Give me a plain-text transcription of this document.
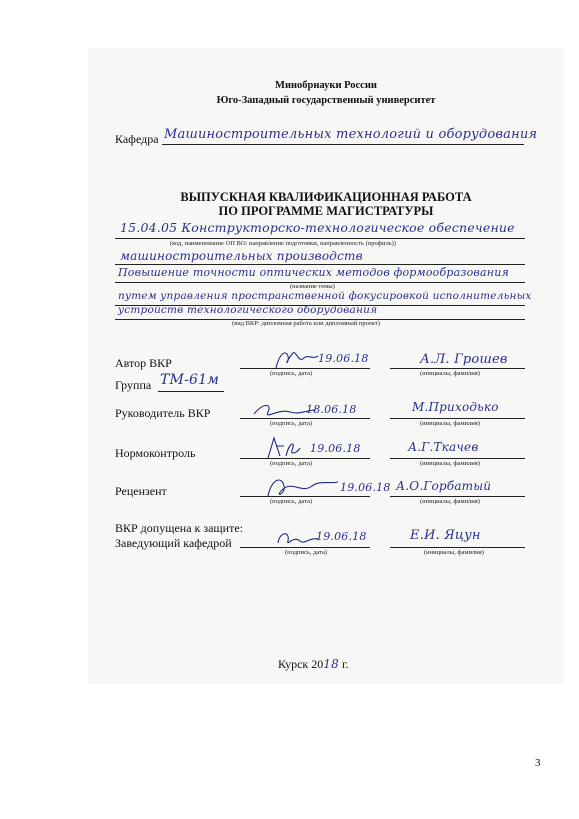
Минобрнауки России
Юго-Западный государственный университет
Кафедра Машиностроительных технологий и оборудования
ВЫПУСКНАЯ КВАЛИФИКАЦИОННАЯ РАБОТА
ПО ПРОГРАММЕ МАГИСТРАТУРЫ
15.04.05 Конструкторско-технологическое обеспечение
(код, наименование ОП ВО: направление подготовки, направленность (профиль))
машиностроительных производств
Повышение точности оптических методов формообразования
(название темы)
путем управления пространственной фокусировкой исполнительных
устройств технологического оборудования
(вид ВКР: дипломная работа или дипломный проект)
Автор ВКР	19.06.18	А.Л. Грошев
(подпись, дата)	(инициалы, фамилия)
Группа ТМ-61м
Руководитель ВКР	18.06.18	М.Приходько
(подпись, дата)	(инициалы, фамилия)
Нормоконтроль	19.06.18	А.Г.Ткачев
(подпись, дата)	(инициалы, фамилия)
Рецензент	19.06.18 А.О.Горбатый
(подпись, дата)	(инициалы, фамилия)
ВКР допущена к защите:
Заведующий кафедрой	19.06.18	Е.И. Яцун
(подпись, дата)	(инициалы, фамилия)
Курск 2018 г.
3
